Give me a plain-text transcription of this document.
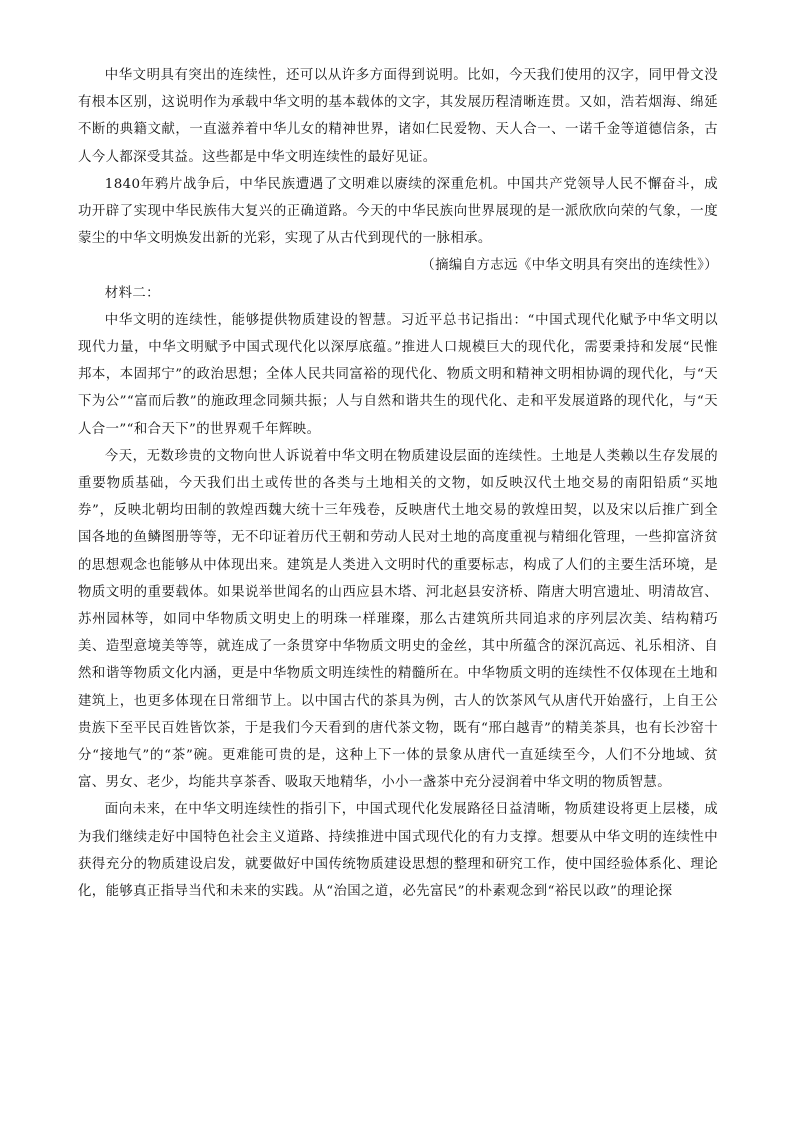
中华文明具有突出的连续性，还可以从许多方面得到说明。比如，今天我们使用的汉字，同甲骨文没有根本区别，这说明作为承载中华文明的基本载体的文字，其发展历程清晰连贯。又如，浩若烟海、绵延不断的典籍文献，一直滋养着中华儿女的精神世界，诸如仁民爱物、天人合一、一诺千金等道德信条，古人今人都深受其益。这些都是中华文明连续性的最好见证。

1840年鸦片战争后，中华民族遭遇了文明难以赓续的深重危机。中国共产党领导人民不懈奋斗，成功开辟了实现中华民族伟大复兴的正确道路。今天的中华民族向世界展现的是一派欣欣向荣的气象，一度蒙尘的中华文明焕发出新的光彩，实现了从古代到现代的一脉相承。

（摘编自方志远《中华文明具有突出的连续性》）

材料二：

中华文明的连续性，能够提供物质建设的智慧。习近平总书记指出：“中国式现代化赋予中华文明以现代力量，中华文明赋予中国式现代化以深厚底蕴。”推进人口规模巨大的现代化，需要秉持和发展“民惟邦本，本固邦宁”的政治思想；全体人民共同富裕的现代化、物质文明和精神文明相协调的现代化，与“天下为公”“富而后教”的施政理念同频共振；人与自然和谐共生的现代化、走和平发展道路的现代化，与“天人合一”“和合天下”的世界观千年辉映。

今天，无数珍贵的文物向世人诉说着中华文明在物质建设层面的连续性。土地是人类赖以生存发展的重要物质基础，今天我们出土或传世的各类与土地相关的文物，如反映汉代土地交易的南阳铅质“买地券”，反映北朝均田制的敦煌西魏大统十三年残卷，反映唐代土地交易的敦煌田契，以及宋以后推广到全国各地的鱼鳞图册等等，无不印证着历代王朝和劳动人民对土地的高度重视与精细化管理，一些抑富济贫的思想观念也能够从中体现出来。建筑是人类进入文明时代的重要标志，构成了人们的主要生活环境，是物质文明的重要载体。如果说举世闻名的山西应县木塔、河北赵县安济桥、隋唐大明宫遗址、明清故宫、苏州园林等，如同中华物质文明史上的明珠一样璀璨，那么古建筑所共同追求的序列层次美、结构精巧美、造型意境美等等，就连成了一条贯穿中华物质文明史的金丝，其中所蕴含的深沉高远、礼乐相济、自然和谐等物质文化内涵，更是中华物质文明连续性的精髓所在。中华物质文明的连续性不仅体现在土地和建筑上，也更多体现在日常细节上。以中国古代的茶具为例，古人的饮茶风气从唐代开始盛行，上自王公贵族下至平民百姓皆饮茶，于是我们今天看到的唐代茶文物，既有“邢白越青”的精美茶具，也有长沙窑十分“接地气”的“茶”碗。更难能可贵的是，这种上下一体的景象从唐代一直延续至今，人们不分地域、贫富、男女、老少，均能共享茶香、吸取天地精华，小小一盏茶中充分浸润着中华文明的物质智慧。

面向未来，在中华文明连续性的指引下，中国式现代化发展路径日益清晰，物质建设将更上层楼，成为我们继续走好中国特色社会主义道路、持续推进中国式现代化的有力支撑。想要从中华文明的连续性中获得充分的物质建设启发，就要做好中国传统物质建设思想的整理和研究工作，使中国经验体系化、理论化，能够真正指导当代和未来的实践。从“治国之道，必先富民”的朴素观念到“裕民以政”的理论探
